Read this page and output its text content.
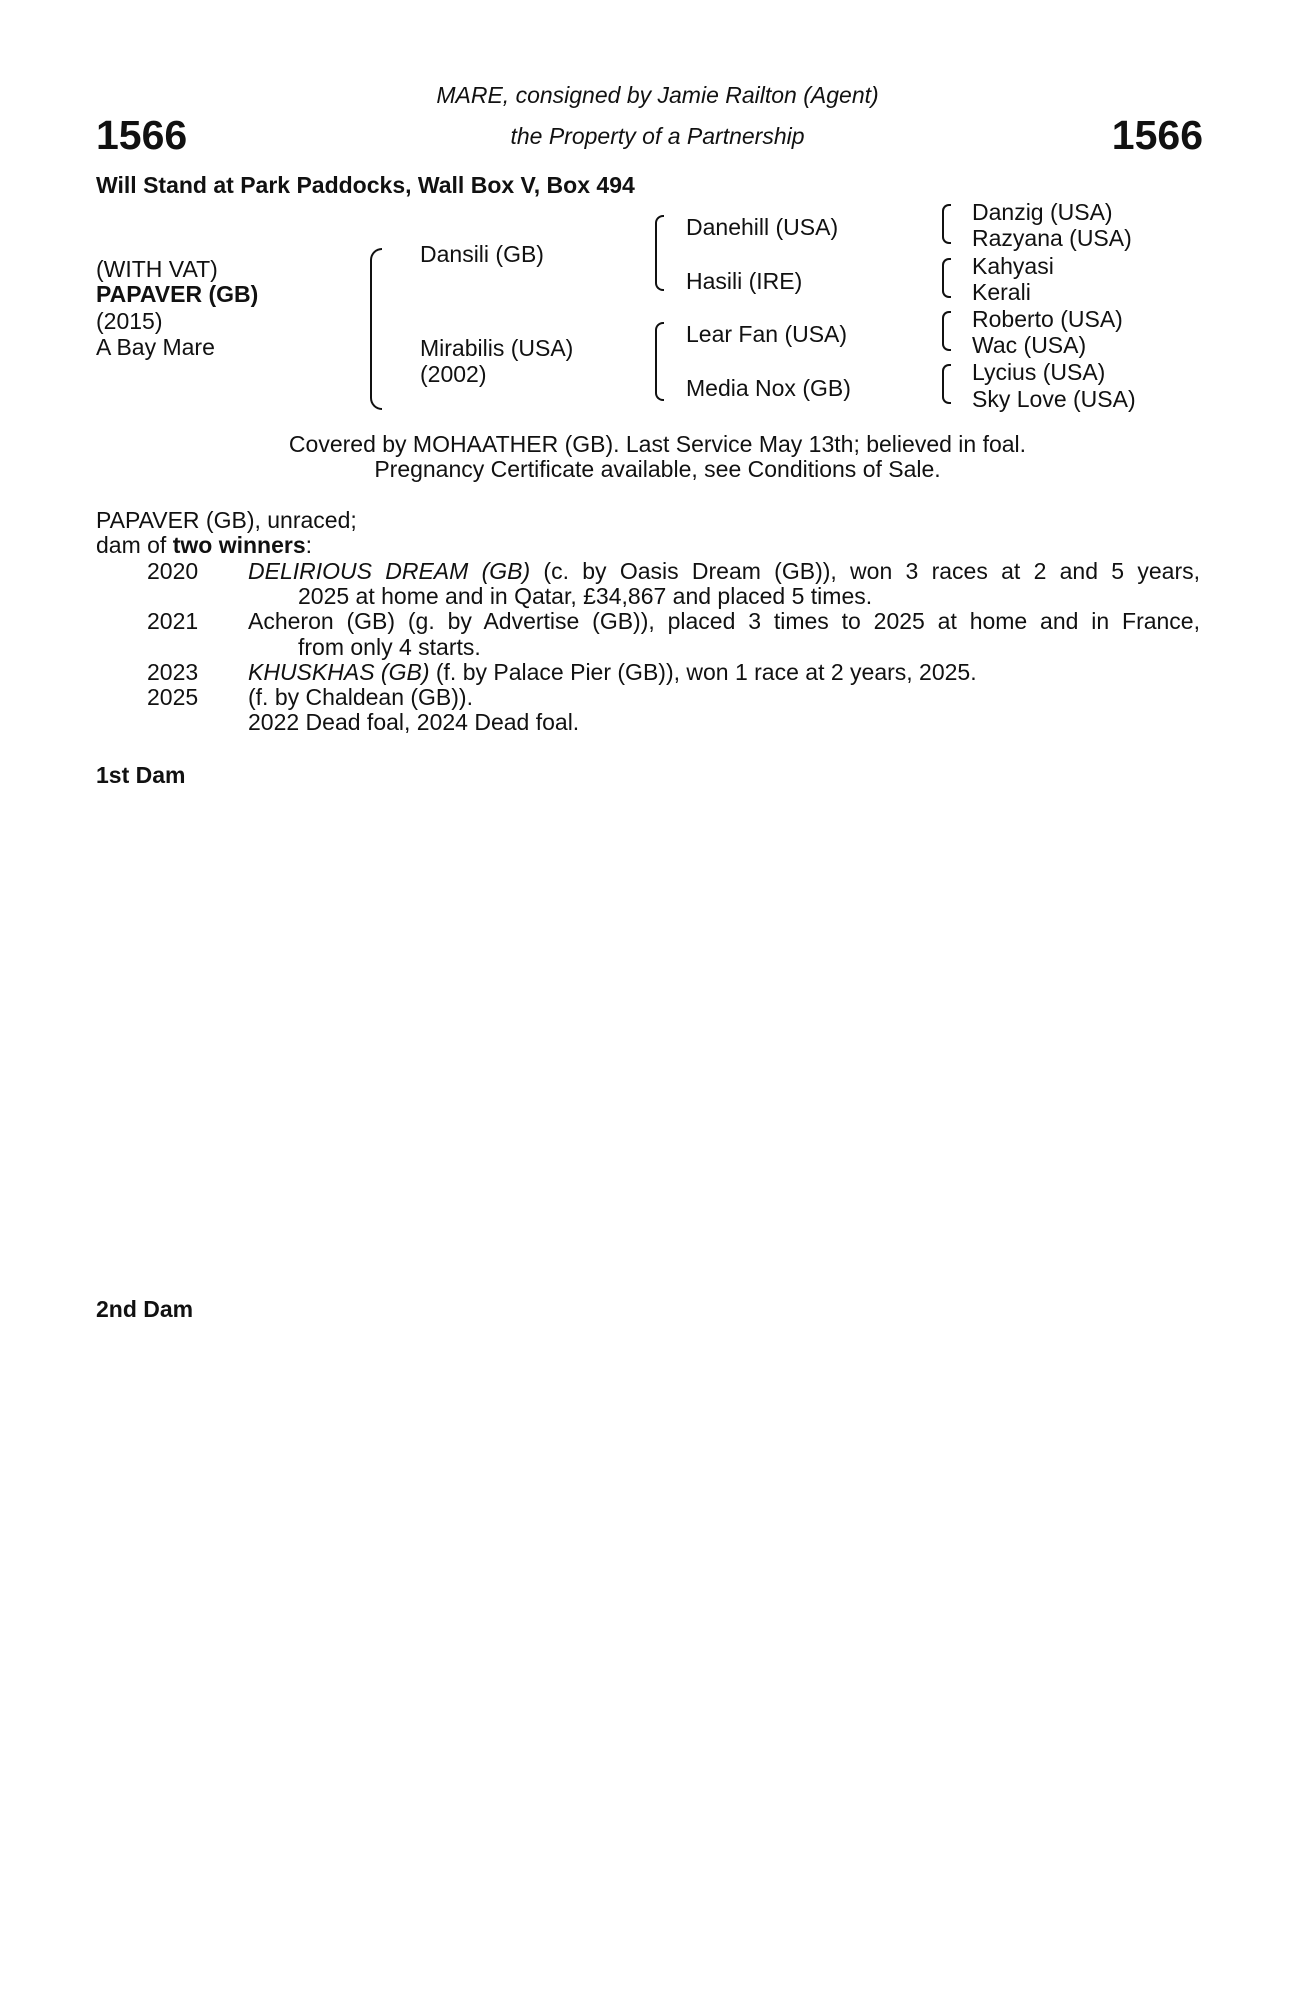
1566	1566
MARE, consigned by Jamie Railton (Agent)
the Property of a Partnership
Will Stand at Park Paddocks, Wall Box V, Box 494
(WITH VAT)
PAPAVER (GB)
(2015)
A Bay Mare
Dansili (GB)
Mirabilis (USA)
(2002)
Danehill (USA)
Hasili (IRE)
Lear Fan (USA)
Media Nox (GB)
Danzig (USA)
Razyana (USA)
Kahyasi
Kerali
Roberto (USA)
Wac (USA)
Lycius (USA)
Sky Love (USA)
Covered by MOHAATHER (GB). Last Service May 13th; believed in foal.
Pregnancy Certificate available, see Conditions of Sale.
PAPAVER (GB), unraced;
dam of two winners:
2020 DELIRIOUS DREAM (GB) (c. by Oasis Dream (GB)), won 3 races at 2 and 5 years,
2025 at home and in Qatar, £34,867 and placed 5 times.
2021 Acheron (GB) (g. by Advertise (GB)), placed 3 times to 2025 at home and in France,
from only 4 starts.
2023 KHUSKHAS (GB) (f. by Palace Pier (GB)), won 1 race at 2 years, 2025.
2025 (f. by Chaldean (GB)).
2022 Dead foal, 2024 Dead foal.
1st Dam
2nd Dam
